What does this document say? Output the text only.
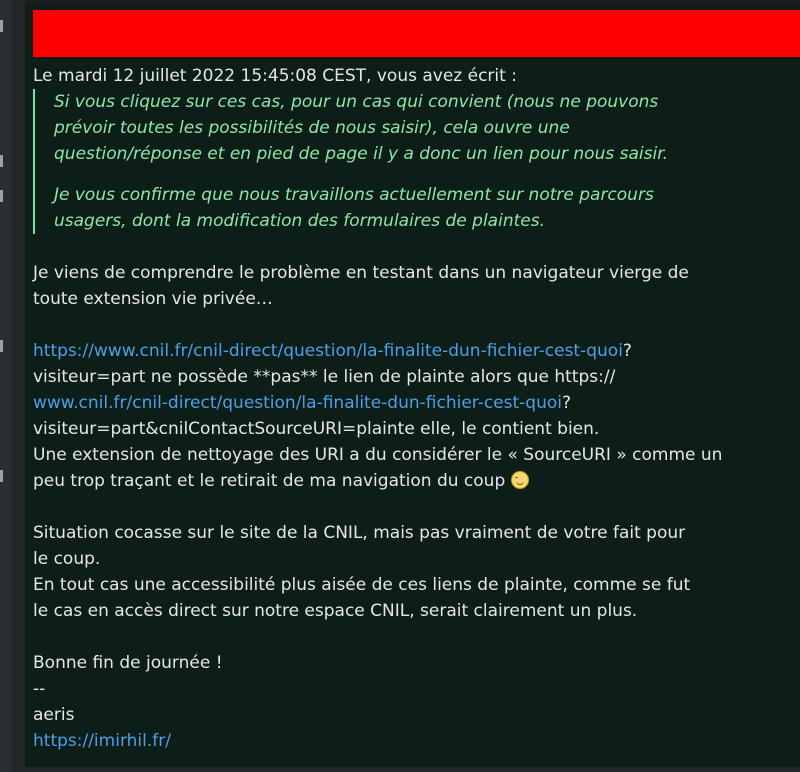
Le mardi 12 juillet 2022 15:45:08 CEST, vous avez écrit :
Si vous cliquez sur ces cas, pour un cas qui convient (nous ne pouvons
prévoir toutes les possibilités de nous saisir), cela ouvre une
question/réponse et en pied de page il y a donc un lien pour nous saisir.
Je vous confirme que nous travaillons actuellement sur notre parcours
usagers, dont la modification des formulaires de plaintes.
Je viens de comprendre le problème en testant dans un navigateur vierge de
toute extension vie privée…
https://www.cnil.fr/cnil-direct/question/la-finalite-dun-fichier-cest-quoi?
visiteur=part ne possède **pas** le lien de plainte alors que https://
www.cnil.fr/cnil-direct/question/la-finalite-dun-fichier-cest-quoi?
visiteur=part&cnilContactSourceURI=plainte elle, le contient bien.
Une extension de nettoyage des URI a du considérer le « SourceURI » comme un
peu trop traçant et le retirait de ma navigation du coup
Situation cocasse sur le site de la CNIL, mais pas vraiment de votre fait pour
le coup.
En tout cas une accessibilité plus aisée de ces liens de plainte, comme se fut
le cas en accès direct sur notre espace CNIL, serait clairement un plus.
Bonne fin de journée !
--
aeris
https://imirhil.fr/
